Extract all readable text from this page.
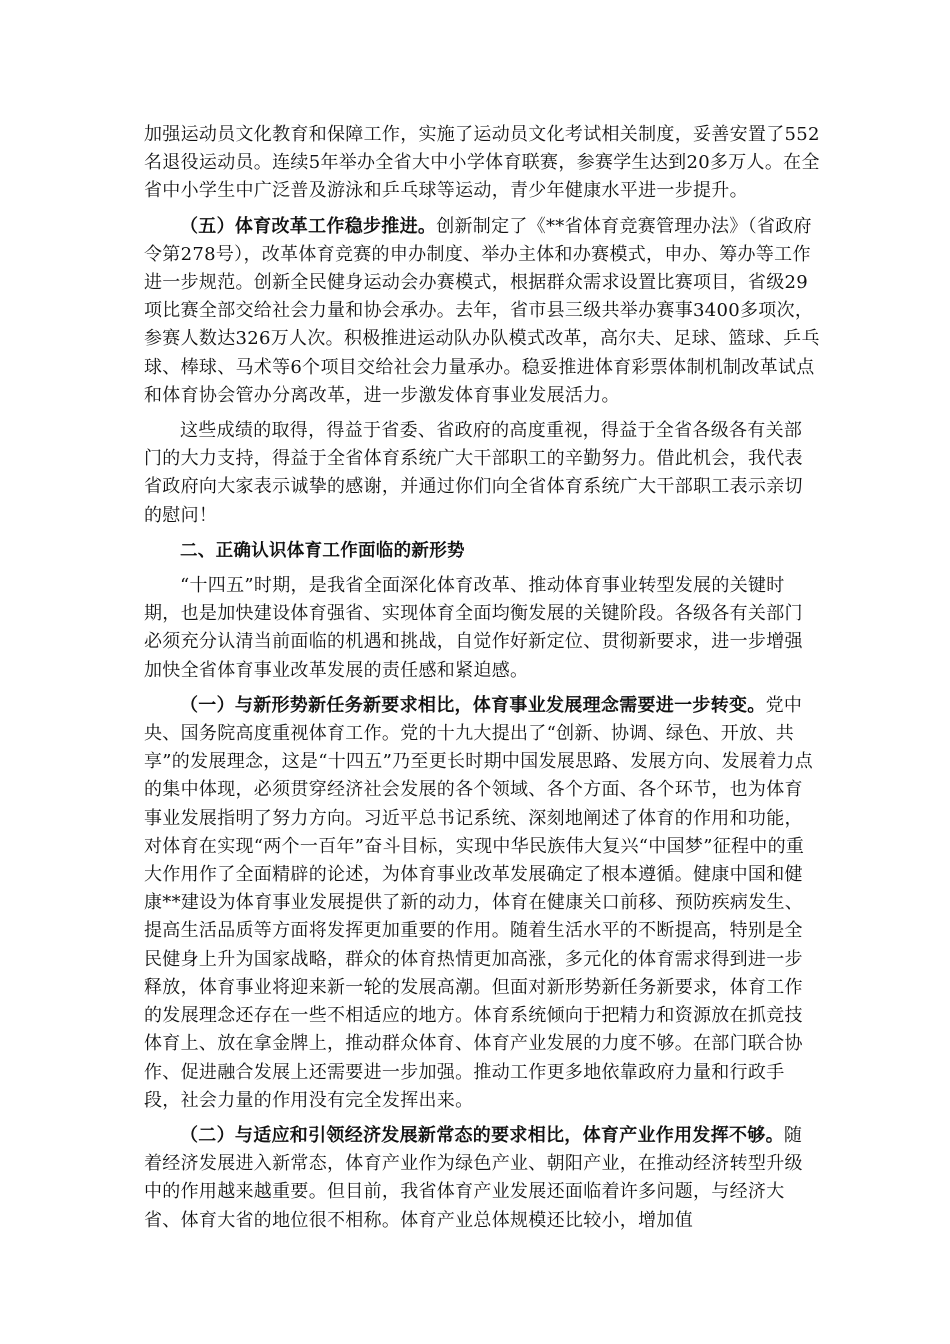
加强运动员文化教育和保障工作，实施了运动员文化考试相关制度，妥善安置了552名退役运动员。连续5年举办全省大中小学体育联赛，参赛学生达到20多万人。在全省中小学生中广泛普及游泳和乒乓球等运动，青少年健康水平进一步提升。

（五）体育改革工作稳步推进。创新制定了《**省体育竞赛管理办法》（省政府令第278号），改革体育竞赛的申办制度、举办主体和办赛模式，申办、筹办等工作进一步规范。创新全民健身运动会办赛模式，根据群众需求设置比赛项目，省级29项比赛全部交给社会力量和协会承办。去年，省市县三级共举办赛事3400多项次，参赛人数达326万人次。积极推进运动队办队模式改革，高尔夫、足球、篮球、乒乓球、棒球、马术等6个项目交给社会力量承办。稳妥推进体育彩票体制机制改革试点和体育协会管办分离改革，进一步激发体育事业发展活力。

这些成绩的取得，得益于省委、省政府的高度重视，得益于全省各级各有关部门的大力支持，得益于全省体育系统广大干部职工的辛勤努力。借此机会，我代表省政府向大家表示诚挚的感谢，并通过你们向全省体育系统广大干部职工表示亲切的慰问！

二、正确认识体育工作面临的新形势

“十四五”时期，是我省全面深化体育改革、推动体育事业转型发展的关键时期，也是加快建设体育强省、实现体育全面均衡发展的关键阶段。各级各有关部门必须充分认清当前面临的机遇和挑战，自觉作好新定位、贯彻新要求，进一步增强加快全省体育事业改革发展的责任感和紧迫感。

（一）与新形势新任务新要求相比，体育事业发展理念需要进一步转变。党中央、国务院高度重视体育工作。党的十九大提出了“创新、协调、绿色、开放、共享”的发展理念，这是“十四五”乃至更长时期中国发展思路、发展方向、发展着力点的集中体现，必须贯穿经济社会发展的各个领域、各个方面、各个环节，也为体育事业发展指明了努力方向。习近平总书记系统、深刻地阐述了体育的作用和功能，对体育在实现“两个一百年”奋斗目标，实现中华民族伟大复兴“中国梦”征程中的重大作用作了全面精辟的论述，为体育事业改革发展确定了根本遵循。健康中国和健康**建设为体育事业发展提供了新的动力，体育在健康关口前移、预防疾病发生、提高生活品质等方面将发挥更加重要的作用。随着生活水平的不断提高，特别是全民健身上升为国家战略，群众的体育热情更加高涨，多元化的体育需求得到进一步释放，体育事业将迎来新一轮的发展高潮。但面对新形势新任务新要求，体育工作的发展理念还存在一些不相适应的地方。体育系统倾向于把精力和资源放在抓竞技体育上、放在拿金牌上，推动群众体育、体育产业发展的力度不够。在部门联合协作、促进融合发展上还需要进一步加强。推动工作更多地依靠政府力量和行政手段，社会力量的作用没有完全发挥出来。

（二）与适应和引领经济发展新常态的要求相比，体育产业作用发挥不够。随着经济发展进入新常态，体育产业作为绿色产业、朝阳产业，在推动经济转型升级中的作用越来越重要。但目前，我省体育产业发展还面临着许多问题，与经济大省、体育大省的地位很不相称。体育产业总体规模还比较小，增加值
